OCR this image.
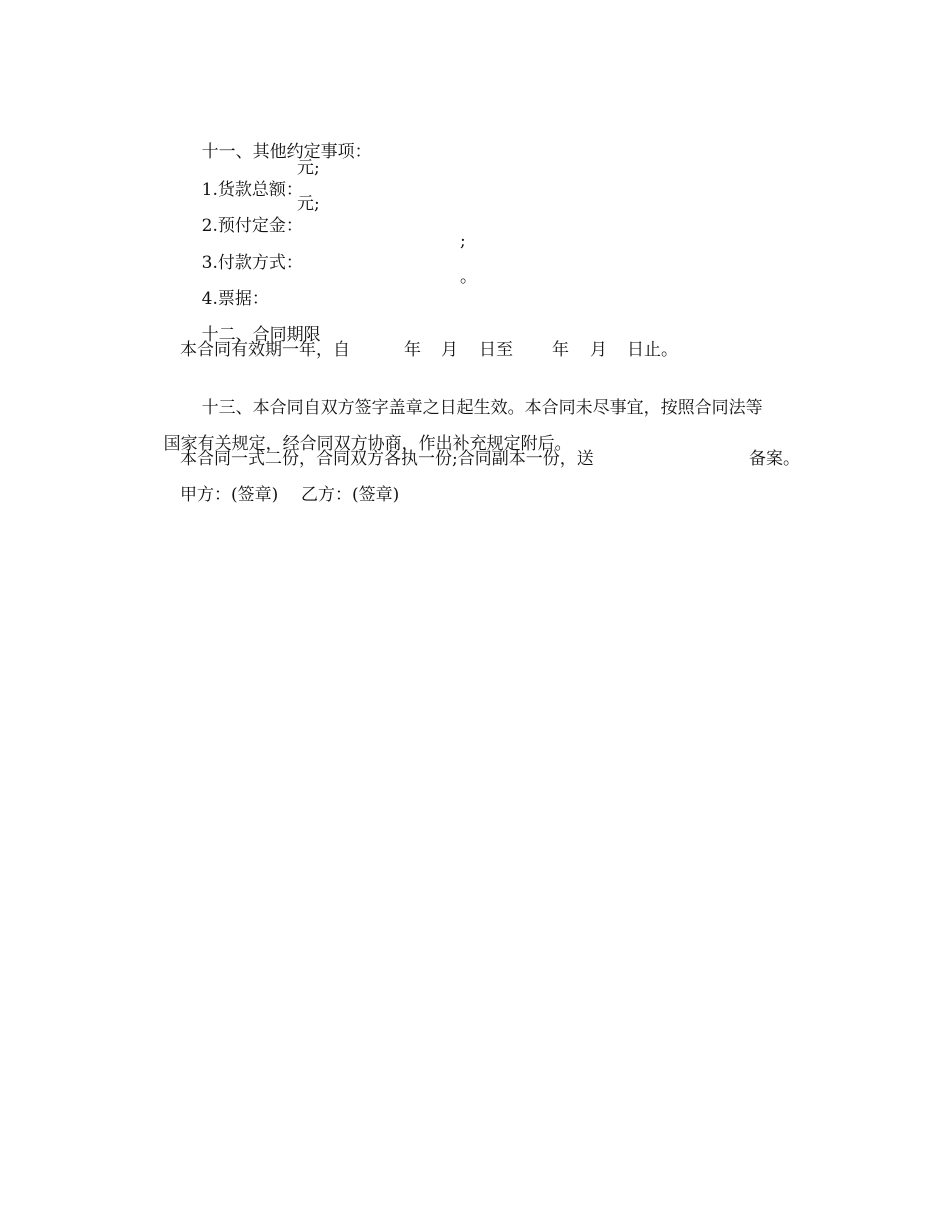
十一、其他约定事项：

1.货款总额：

元;

2.预付定金：

元;

3.付款方式：

;

4.票据：

。

十二、合同期限

本合同有效期一年，自

	年

月

日至

年

月

日止。

十三、本合同自双方签字盖章之日起生效。本合同未尽事宜，按照合同法等

国家有关规定，经合同双方协商，作出补充规定附后。

本合同一式二份，合同双方各执一份;合同副本一份，送

	备案。

甲方：(签章)

乙方：(签章)
